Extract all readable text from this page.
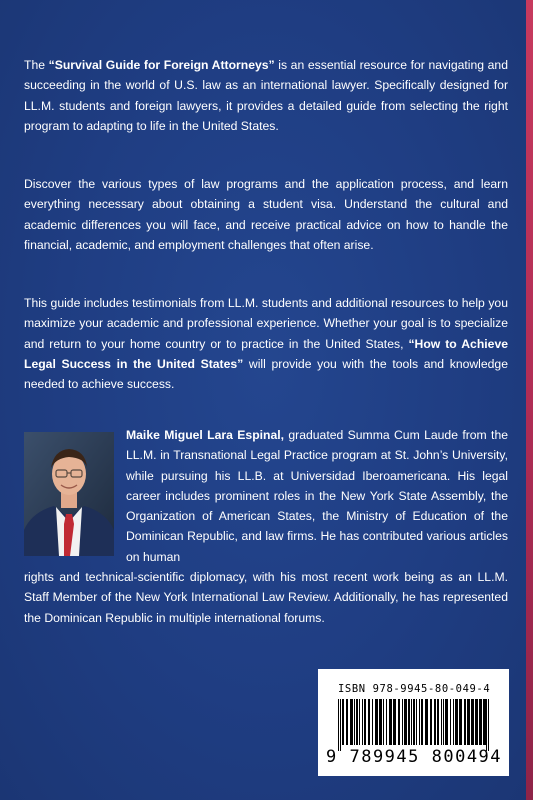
The “Survival Guide for Foreign Attorneys” is an essential resource for navigating and succeeding in the world of U.S. law as an international lawyer. Specifically designed for LL.M. students and foreign lawyers, it provides a detailed guide from selecting the right program to adapting to life in the United States.

Discover the various types of law programs and the application process, and learn everything necessary about obtaining a student visa. Understand the cultural and academic differences you will face, and receive practical advice on how to handle the financial, academic, and employment challenges that often arise.

This guide includes testimonials from LL.M. students and additional resources to help you maximize your academic and professional experience. Whether your goal is to specialize and return to your home country or to practice in the United States, “How to Achieve Legal Success in the United States” will provide you with the tools and knowledge needed to achieve success.

Maike Miguel Lara Espinal, graduated Summa Cum Laude from the LL.M. in Transnational Legal Practice program at St. John’s University, while pursuing his LL.B. at Universidad Iberoamericana. His legal career includes prominent roles in the New York State Assembly, the Organization of American States, the Ministry of Education of the Dominican Republic, and law firms. He has contributed various articles on human

rights and technical-scientific diplomacy, with his most recent work being as an LL.M. Staff Member of the New York International Law Review. Additionally, he has represented the Dominican Republic in multiple international forums.

ISBN 978-9945-80-049-4
9 789945 800494
